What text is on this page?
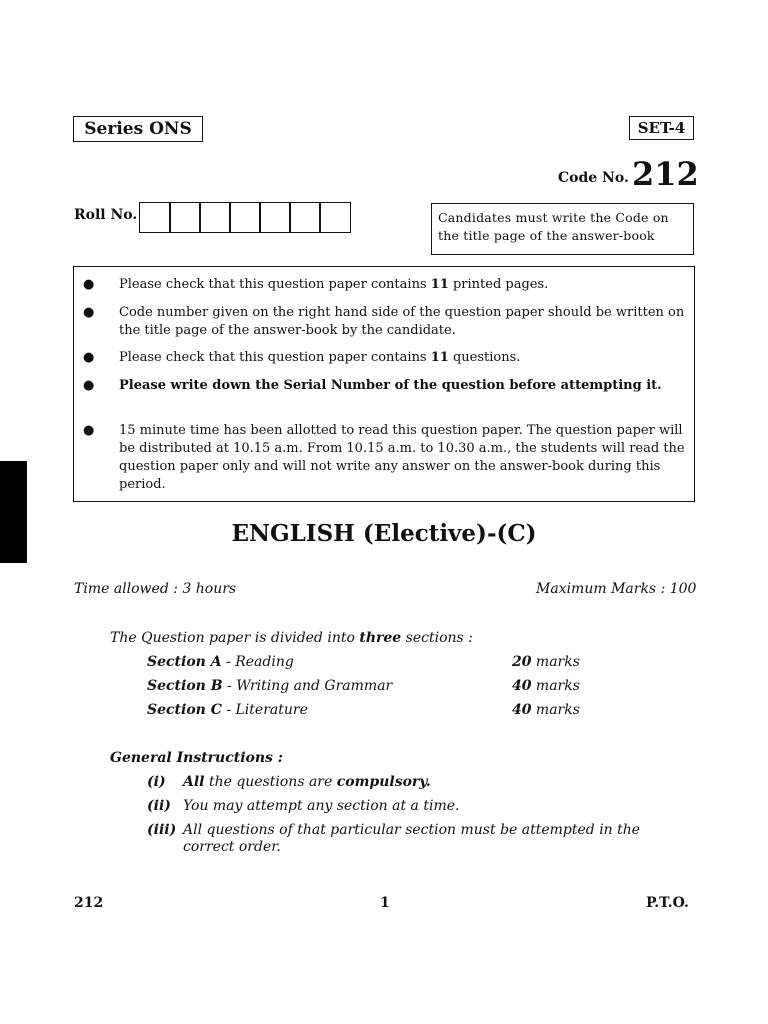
Series ONS	SET-4
Code No. 212
Roll No.	Candidates must write the Code on the title page of the answer-book
● Please check that this question paper contains 11 printed pages.
● Code number given on the right hand side of the question paper should be written on the title page of the answer-book by the candidate.
● Please check that this question paper contains 11 questions.
● Please write down the Serial Number of the question before attempting it.
● 15 minute time has been allotted to read this question paper. The question paper will be distributed at 10.15 a.m. From 10.15 a.m. to 10.30 a.m., the students will read the question paper only and will not write any answer on the answer-book during this period.
ENGLISH (Elective)-(C)
Time allowed : 3 hours	Maximum Marks : 100
The Question paper is divided into three sections :
Section A - Reading	20 marks
Section B - Writing and Grammar	40 marks
Section C - Literature	40 marks
General Instructions :
(i) All the questions are compulsory.
(ii) You may attempt any section at a time.
(iii) All questions of that particular section must be attempted in the correct order.
212	1	P.T.O.
